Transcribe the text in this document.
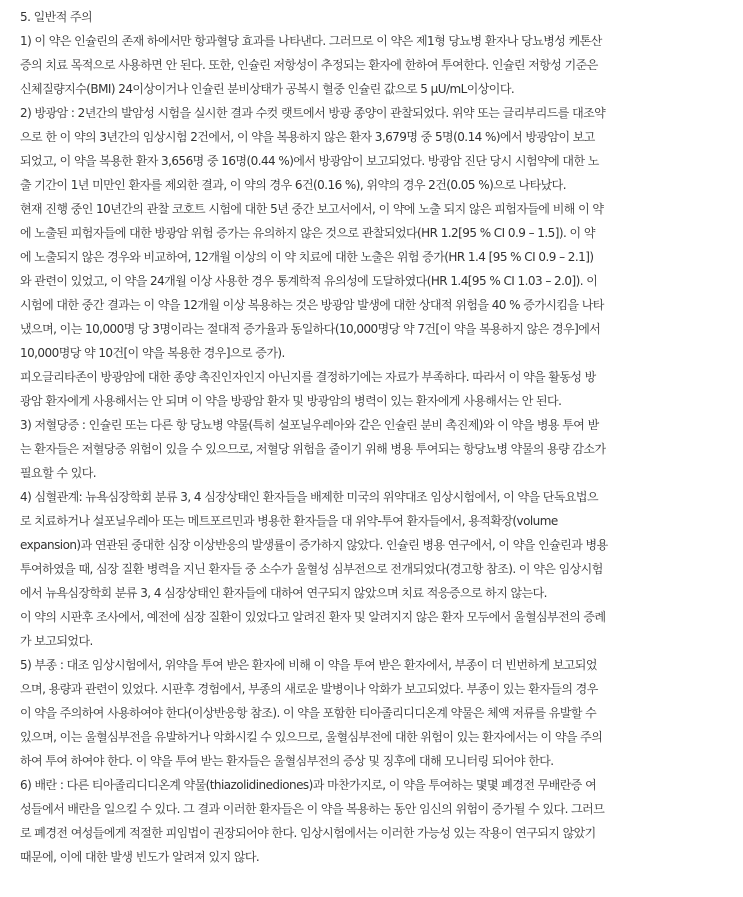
5. 일반적 주의
1) 이 약은 인슐린의 존재 하에서만 항과혈당 효과를 나타낸다. 그러므로 이 약은 제1형 당뇨병 환자나 당뇨병성 케톤산
증의 치료 목적으로 사용하면 안 된다. 또한, 인슐린 저항성이 추정되는 환자에 한하여 투여한다. 인슐린 저항성 기준은
신체질량지수(BMI) 24이상이거나 인슐린 분비상태가 공복시 혈중 인슐린 값으로 5 μU/mL이상이다.
2) 방광암 : 2년간의 발암성 시험을 실시한 결과 수컷 랫트에서 방광 종양이 관찰되었다. 위약 또는 글리부리드를 대조약
으로 한 이 약의 3년간의 임상시험 2건에서, 이 약을 복용하지 않은 환자 3,679명 중 5명(0.14 %)에서 방광암이 보고
되었고, 이 약을 복용한 환자 3,656명 중 16명(0.44 %)에서 방광암이 보고되었다. 방광암 진단 당시 시험약에 대한 노
출 기간이 1년 미만인 환자를 제외한 결과, 이 약의 경우 6건(0.16 %), 위약의 경우 2건(0.05 %)으로 나타났다.
현재 진행 중인 10년간의 관찰 코호트 시험에 대한 5년 중간 보고서에서, 이 약에 노출 되지 않은 피험자들에 비해 이 약
에 노출된 피험자들에 대한 방광암 위험 증가는 유의하지 않은 것으로 관찰되었다(HR 1.2[95 % CI 0.9 – 1.5]). 이 약
에 노출되지 않은 경우와 비교하여, 12개월 이상의 이 약 치료에 대한 노출은 위험 증가(HR 1.4 [95 % CI 0.9 – 2.1])
와 관련이 있었고, 이 약을 24개월 이상 사용한 경우 통계학적 유의성에 도달하였다(HR 1.4[95 % CI 1.03 – 2.0]). 이
시험에 대한 중간 결과는 이 약을 12개월 이상 복용하는 것은 방광암 발생에 대한 상대적 위험을 40 % 증가시킴을 나타
냈으며, 이는 10,000명 당 3명이라는 절대적 증가율과 동일하다(10,000명당 약 7건[이 약을 복용하지 않은 경우]에서
10,000명당 약 10건[이 약을 복용한 경우]으로 증가).
피오글리타존이 방광암에 대한 종양 촉진인자인지 아닌지를 결정하기에는 자료가 부족하다. 따라서 이 약을 활동성 방
광암 환자에게 사용해서는 안 되며 이 약을 방광암 환자 및 방광암의 병력이 있는 환자에게 사용해서는 안 된다.
3) 저혈당증 : 인슐린 또는 다른 항 당뇨병 약물(특히 설포닐우레아와 같은 인슐린 분비 촉진제)와 이 약을 병용 투여 받
는 환자들은 저혈당증 위험이 있을 수 있으므로, 저혈당 위험을 줄이기 위해 병용 투여되는 항당뇨병 약물의 용량 감소가
필요할 수 있다.
4) 심혈관계: 뉴욕심장학회 분류 3, 4 심장상태인 환자들을 배제한 미국의 위약대조 임상시험에서, 이 약을 단독요법으
로 치료하거나 설포닐우레아 또는 메트포르민과 병용한 환자들을 대 위약-투여 환자들에서, 용적확장(volume
expansion)과 연관된 중대한 심장 이상반응의 발생률이 증가하지 않았다. 인슐린 병용 연구에서, 이 약을 인슐린과 병용
투여하였을 때, 심장 질환 병력을 지닌 환자들 중 소수가 울혈성 심부전으로 전개되었다(경고항 참조). 이 약은 임상시험
에서 뉴욕심장학회 분류 3, 4 심장상태인 환자들에 대하여 연구되지 않았으며 치료 적응증으로 하지 않는다.
이 약의 시판후 조사에서, 예전에 심장 질환이 있었다고 알려진 환자 및 알려지지 않은 환자 모두에서 울혈심부전의 증례
가 보고되었다.
5) 부종 : 대조 임상시험에서, 위약을 투여 받은 환자에 비해 이 약을 투여 받은 환자에서, 부종이 더 빈번하게 보고되었
으며, 용량과 관련이 있었다. 시판후 경험에서, 부종의 새로운 발병이나 악화가 보고되었다. 부종이 있는 환자들의 경우
이 약을 주의하여 사용하여야 한다(이상반응항 참조). 이 약을 포함한 티아졸리디디온계 약물은 체액 저류를 유발할 수
있으며, 이는 울혈심부전을 유발하거나 악화시킬 수 있으므로, 울혈심부전에 대한 위험이 있는 환자에서는 이 약을 주의
하여 투여 하여야 한다. 이 약을 투여 받는 환자들은 울혈심부전의 증상 및 징후에 대해 모니터링 되어야 한다.
6) 배란 : 다른 티아졸리디디온계 약물(thiazolidinediones)과 마찬가지로, 이 약을 투여하는 몇몇 폐경전 무배란증 여
성들에서 배란을 일으킬 수 있다. 그 결과 이러한 환자들은 이 약을 복용하는 동안 임신의 위험이 증가될 수 있다. 그러므
로 폐경전 여성들에게 적절한 피임법이 권장되어야 한다. 임상시험에서는 이러한 가능성 있는 작용이 연구되지 않았기
때문에, 이에 대한 발생 빈도가 알려져 있지 않다.
